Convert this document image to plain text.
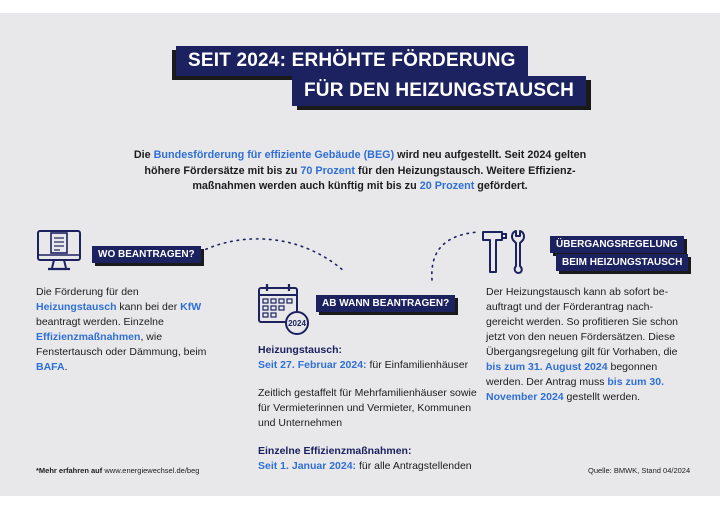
SEIT 2024: ERHÖHTE FÖRDERUNG
FÜR DEN HEIZUNGSTAUSCH
Die Bundesförderung für effiziente Gebäude (BEG) wird neu aufgestellt. Seit 2024 gelten höhere Fördersätze mit bis zu 70 Prozent für den Heizungstausch. Weitere Effizienzmaßnahmen werden auch künftig mit bis zu 20 Prozent gefördert.
WO BEANTRAGEN?
Die Förderung für den Heizungstausch kann bei der KfW beantragt werden. Einzelne Effizienzmaßnahmen, wie Fenstertausch oder Dämmung, beim BAFA.
2024
AB WANN BEANTRAGEN?
Heizungstausch:
Seit 27. Februar 2024: für Einfamilienhäuser
Zeitlich gestaffelt für Mehrfamilienhäuser sowie für Vermieterinnen und Vermieter, Kommunen und Unternehmen
Einzelne Effizienzmaßnahmen:
Seit 1. Januar 2024: für alle Antragstellenden
ÜBERGANGSREGELUNG
BEIM HEIZUNGSTAUSCH
Der Heizungstausch kann ab sofort beauftragt und der Förderantrag nachgereicht werden. So profitieren Sie schon jetzt von den neuen Fördersätzen. Diese Übergangsregelung gilt für Vorhaben, die bis zum 31. August 2024 begonnen werden. Der Antrag muss bis zum 30. November 2024 gestellt werden.
*Mehr erfahren auf www.energiewechsel.de/beg	Quelle: BMWK, Stand 04/2024
